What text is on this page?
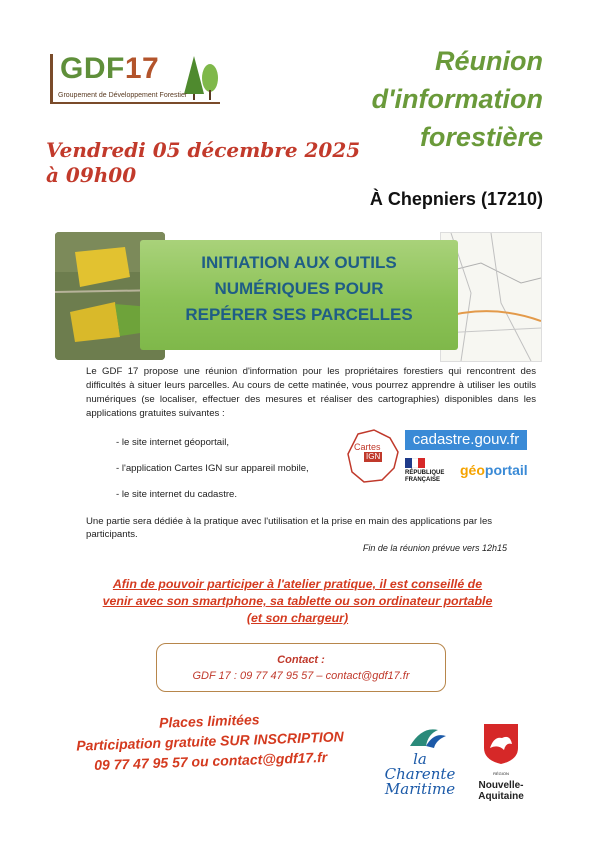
GDF17
Groupement de Développement Forestier
Réunion
d'information
forestière
Vendredi 05 décembre 2025
à 09h00
À Chepniers (17210)
INITIATION AUX OUTILS
NUMÉRIQUES POUR
REPÉRER SES PARCELLES
Le GDF 17 propose une réunion d'information pour les propriétaires forestiers qui rencontrent des difficultés à situer leurs parcelles. Au cours de cette matinée, vous pourrez apprendre à utiliser les outils numériques (se localiser, effectuer des mesures et réaliser des cartographies) disponibles dans les applications gratuites suivantes :
- le site internet géoportail,
- l'application Cartes IGN sur appareil mobile,
- le site internet du cadastre.
Cartes
IGN
cadastre.gouv.fr
RÉPUBLIQUE
FRANÇAISE
géoportail
Une partie sera dédiée à la pratique avec l'utilisation et la prise en main des applications par les participants.
Fin de la réunion prévue vers 12h15
Afin de pouvoir participer à l'atelier pratique, il est conseillé de
venir avec son smartphone, sa tablette ou son ordinateur portable
(et son chargeur)
Contact :
GDF 17 : 09 77 47 95 57 – contact@gdf17.fr
Places limitées
Participation gratuite SUR INSCRIPTION
09 77 47 95 57 ou contact@gdf17.fr	la
Charente
Maritime
RÉGION
Nouvelle-
Aquitaine
